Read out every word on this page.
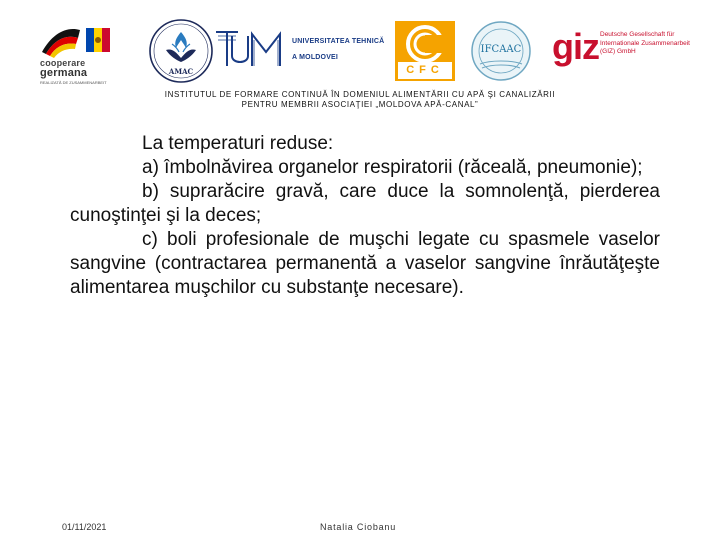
cooperare
germana
REALIZATĂ DE ZUSAMMENARBEIT
AMAC
UNIVERSITATEA TEHNICĂ
A MOLDOVEI
CFC
IFCAAC giz Deutsche Gesellschaft für Internationale Zusammenarbeit (GIZ) GmbH
INSTITUTUL DE FORMARE CONTINUĂ ÎN DOMENIUL ALIMENTĂRII CU APĂ ŞI CANALIZĂRII
PENTRU MEMBRII ASOCIAŢIEI „MOLDOVA APĂ-CANAL”
La temperaturi reduse:
a) îmbolnăvirea organelor respiratorii (răceală, pneumonie);
b) suprarăcire gravă, care duce la somnolenţă, pierderea cunoştinţei şi la deces;
c) boli profesionale de muşchi legate cu spasmele vaselor sangvine (contractarea permanentă a vaselor sangvine înrăutăţeşte alimentarea muşchilor cu substanţe necesare).
01/11/2021	Natalia Ciobanu
